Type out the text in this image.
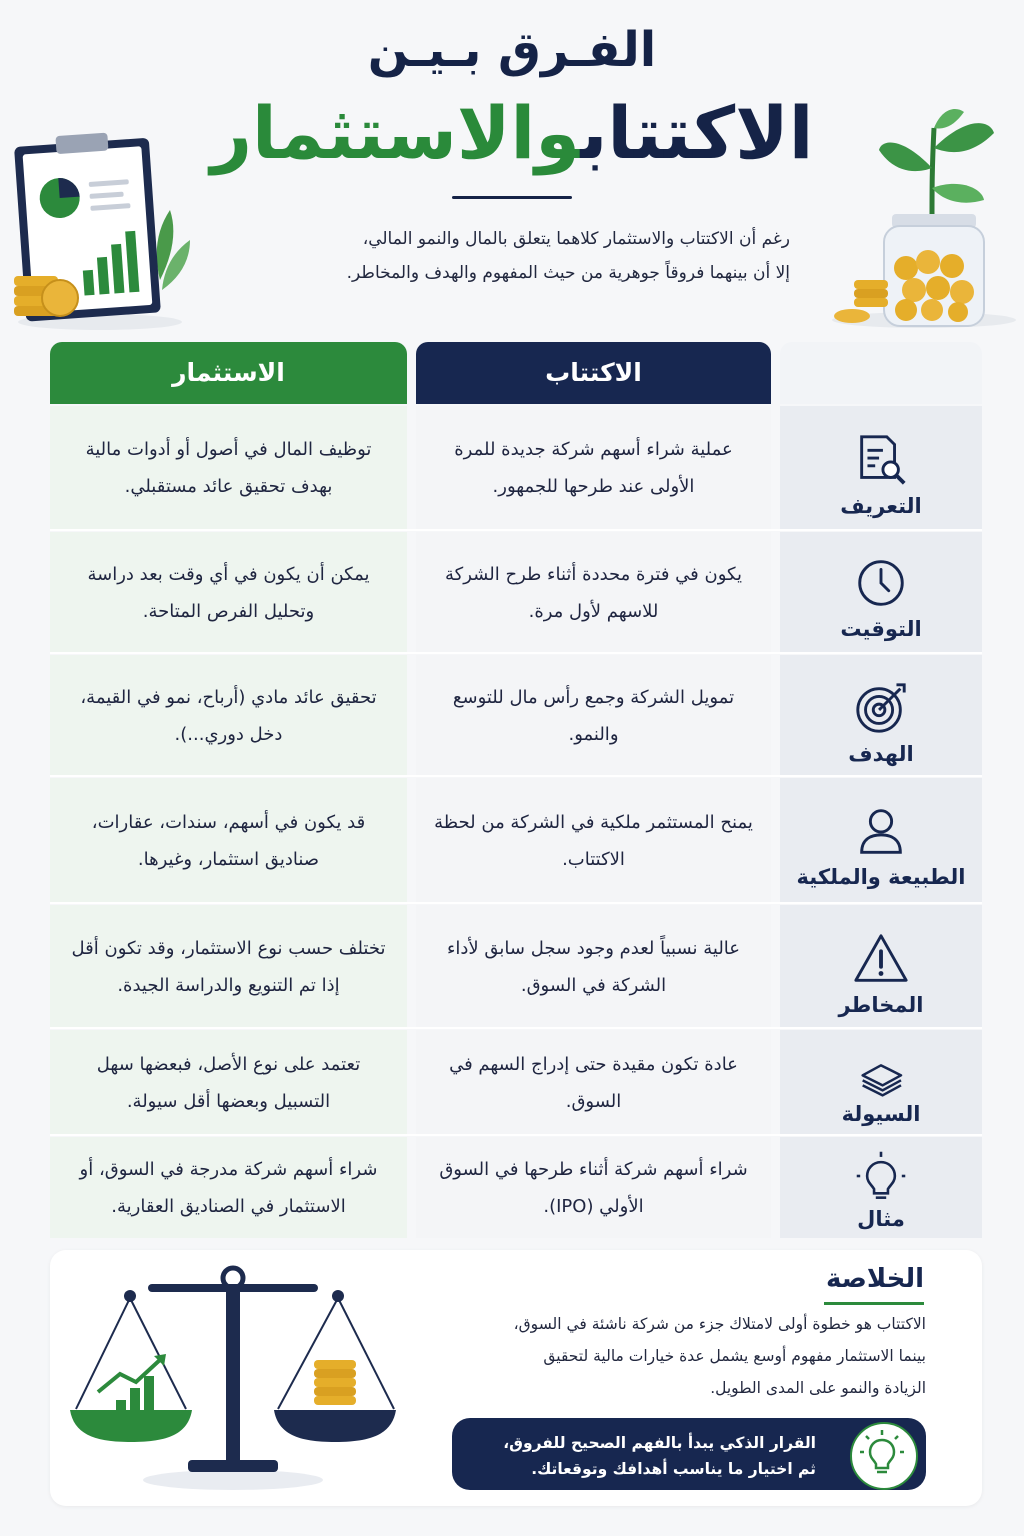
الفـرق بـيـن
الاكتتابوالاستثمار
رغم أن الاكتتاب والاستثمار كلاهما يتعلق بالمال والنمو المالي،
إلا أن بينهما فروقاً جوهرية من حيث المفهوم والهدف والمخاطر.
الاستثمار	الاكتتاب
توظيف المال في أصول أو أدوات مالية بهدف تحقيق عائد مستقبلي.
عملية شراء أسهم شركة جديدة للمرة الأولى عند طرحها للجمهور.
التعريف
يمكن أن يكون في أي وقت بعد دراسة وتحليل الفرص المتاحة.
يكون في فترة محددة أثناء طرح الشركة للاسهم لأول مرة.
التوقيت
تحقيق عائد مادي (أرباح، نمو في القيمة، دخل دوري...).
تمويل الشركة وجمع رأس مال للتوسع والنمو.
الهدف
قد يكون في أسهم، سندات، عقارات، صناديق استثمار، وغيرها.
يمنح المستثمر ملكية في الشركة من لحظة الاكتتاب.
الطبيعة والملكية
تختلف حسب نوع الاستثمار، وقد تكون أقل إذا تم التنويع والدراسة الجيدة.
عالية نسبياً لعدم وجود سجل سابق لأداء الشركة في السوق.
المخاطر
تعتمد على نوع الأصل، فبعضها سهل التسبيل وبعضها أقل سيولة.
عادة تكون مقيدة حتى إدراج السهم في السوق.
السيولة
شراء أسهم شركة مدرجة في السوق، أو الاستثمار في الصناديق العقارية.
شراء أسهم شركة أثناء طرحها في السوق الأولي (IPO).
مثال
الخلاصة
الاكتتاب هو خطوة أولى لامتلاك جزء من شركة ناشئة في السوق،
بينما الاستثمار مفهوم أوسع يشمل عدة خيارات مالية لتحقيق
الزيادة والنمو على المدى الطويل.
القرار الذكي يبدأ بالفهم الصحيح للفروق،
ثم اختيار ما يناسب أهدافك وتوقعاتك.
